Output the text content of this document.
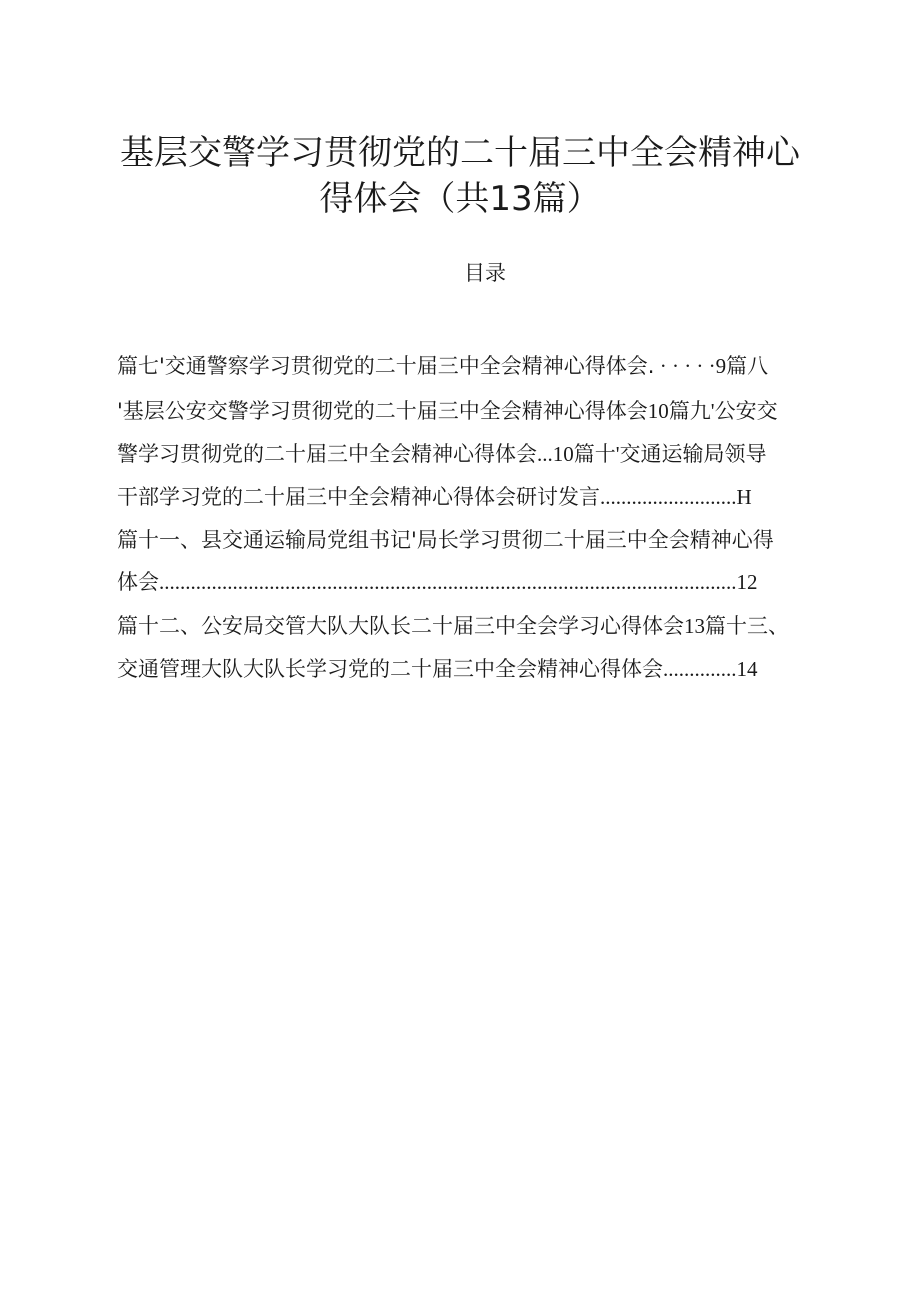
基层交警学习贯彻党的二十届三中全会精神心
得体会（共13篇）
目录
篇七'交通警察学习贯彻党的二十届三中全会精神心得体会. · · · · ·9篇八
'基层公安交警学习贯彻党的二十届三中全会精神心得体会10篇九'公安交
警学习贯彻党的二十届三中全会精神心得体会...10篇十'交通运输局领导
干部学习党的二十届三中全会精神心得体会研讨发言..........................H
篇十一、县交通运输局党组书记'局长学习贯彻二十届三中全会精神心得
体会..............................................................................................................12
篇十二、公安局交管大队大队长二十届三中全会学习心得体会13篇十三、
交通管理大队大队长学习党的二十届三中全会精神心得体会..............14
